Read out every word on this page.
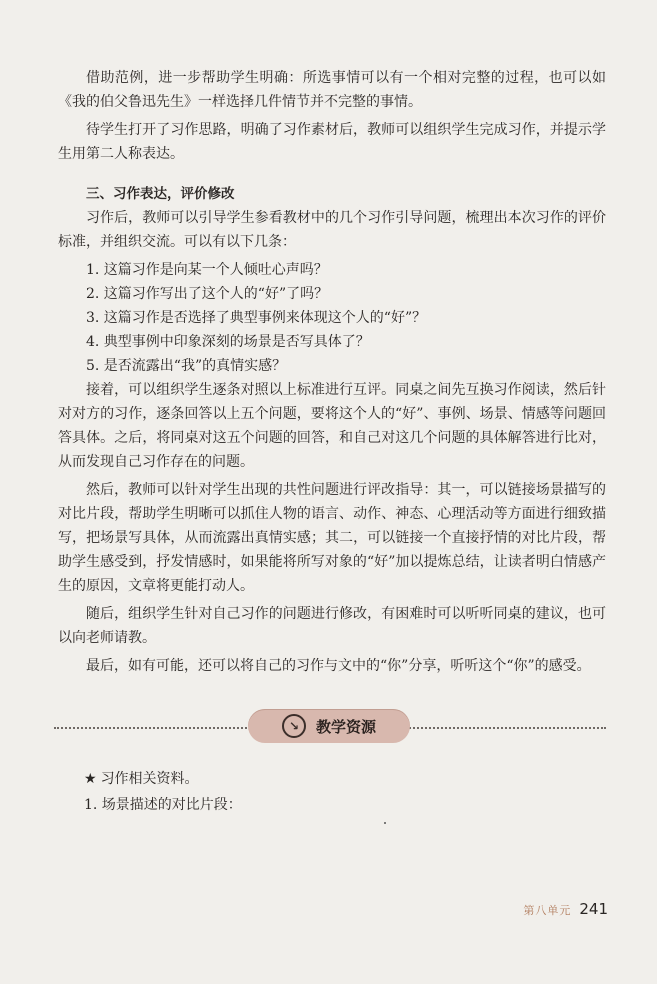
借助范例，进一步帮助学生明确：所选事情可以有一个相对完整的过程，也可以如《我的伯父鲁迅先生》一样选择几件情节并不完整的事情。

待学生打开了习作思路，明确了习作素材后，教师可以组织学生完成习作，并提示学生用第二人称表达。

三、习作表达，评价修改

习作后，教师可以引导学生参看教材中的几个习作引导问题，梳理出本次习作的评价标准，并组织交流。可以有以下几条：

1. 这篇习作是向某一个人倾吐心声吗？
2. 这篇习作写出了这个人的“好”了吗？
3. 这篇习作是否选择了典型事例来体现这个人的“好”？
4. 典型事例中印象深刻的场景是否写具体了？
5. 是否流露出“我”的真情实感？

接着，可以组织学生逐条对照以上标准进行互评。同桌之间先互换习作阅读，然后针对对方的习作，逐条回答以上五个问题，要将这个人的“好”、事例、场景、情感等问题回答具体。之后，将同桌对这五个问题的回答，和自己对这几个问题的具体解答进行比对，从而发现自己习作存在的问题。

然后，教师可以针对学生出现的共性问题进行评改指导：其一，可以链接场景描写的对比片段，帮助学生明晰可以抓住人物的语言、动作、神态、心理活动等方面进行细致描写，把场景写具体，从而流露出真情实感；其二，可以链接一个直接抒情的对比片段，帮助学生感受到，抒发情感时，如果能将所写对象的“好”加以提炼总结，让读者明白情感产生的原因，文章将更能打动人。

随后，组织学生针对自己习作的问题进行修改，有困难时可以听听同桌的建议，也可以向老师请教。

最后，如有可能，还可以将自己的习作与文中的“你”分享，听听这个“你”的感受。

↘	教学资源
★ 习作相关资料。
1. 场景描述的对比片段：
第八单元 241
